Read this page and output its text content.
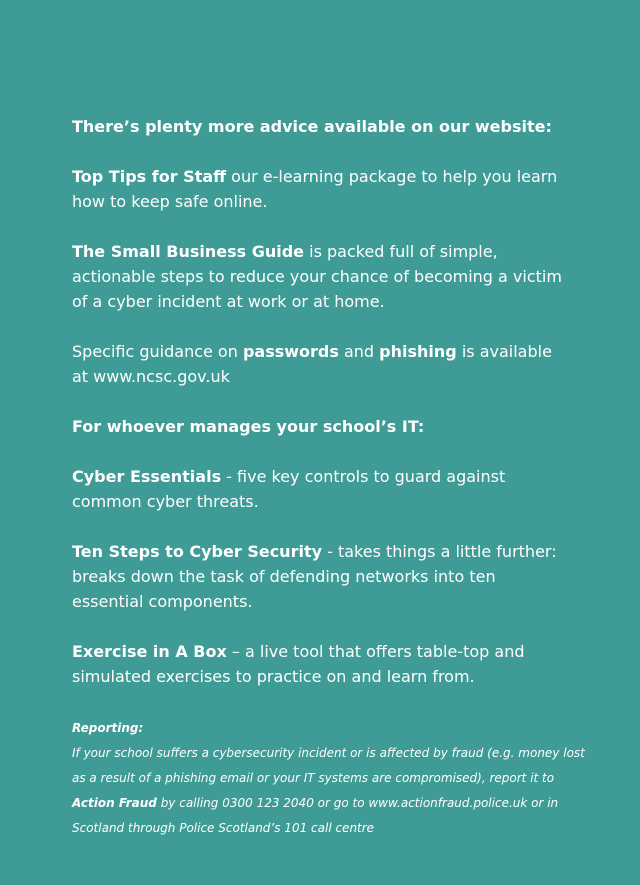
There’s plenty more advice available on our website:

Top Tips for Staff our e-learning package to help you learn how to keep safe online.

The Small Business Guide is packed full of simple, actionable steps to reduce your chance of becoming a victim of a cyber incident at work or at home.

Specific guidance on passwords and phishing is available at www.ncsc.gov.uk

For whoever manages your school’s IT:

Cyber Essentials - five key controls to guard against common cyber threats.

Ten Steps to Cyber Security - takes things a little further: breaks down the task of defending networks into ten essential components.

Exercise in A Box – a live tool that offers table-top and simulated exercises to practice on and learn from.

Reporting:
If your school suffers a cybersecurity incident or is affected by fraud (e.g. money lost as a result of a phishing email or your IT systems are compromised), report it to Action Fraud by calling 0300 123 2040 or go to www.actionfraud.police.uk or in Scotland through Police Scotland’s 101 call centre
